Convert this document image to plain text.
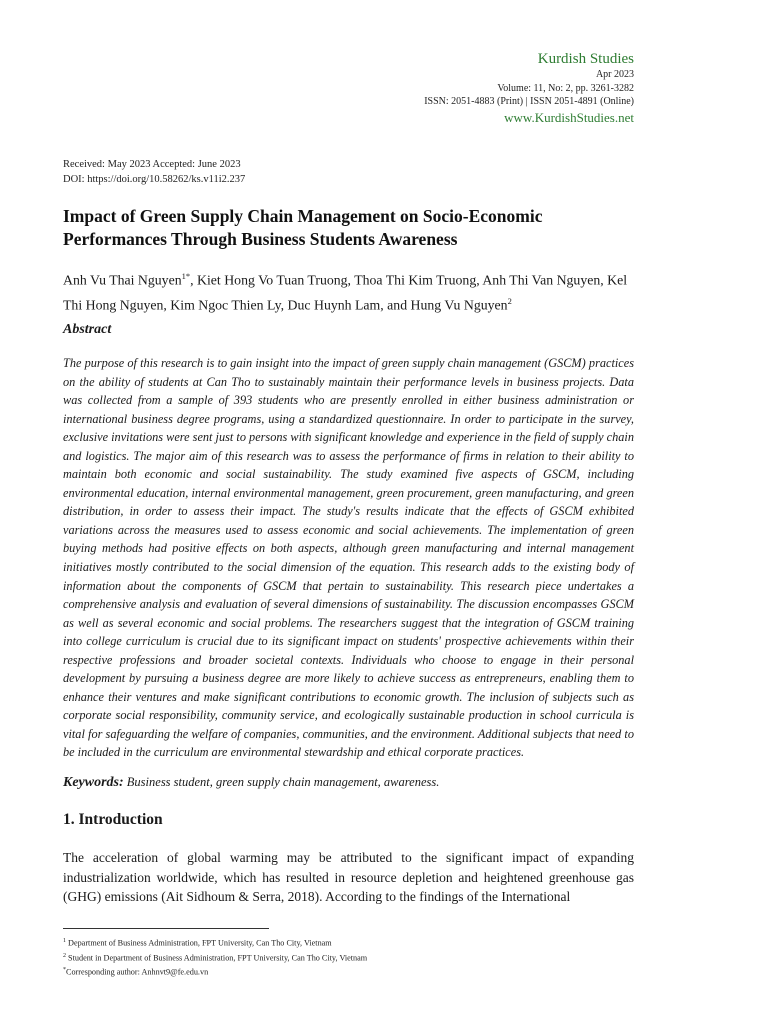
Kurdish Studies
Apr 2023
Volume: 11, No: 2, pp. 3261-3282
ISSN: 2051-4883 (Print) | ISSN 2051-4891 (Online)
www.KurdishStudies.net
Received: May 2023 Accepted: June 2023
DOI: https://doi.org/10.58262/ks.v11i2.237
Impact of Green Supply Chain Management on Socio-Economic Performances Through Business Students Awareness
Anh Vu Thai Nguyen$^{1*}$, Kiet Hong Vo Tuan Truong, Thoa Thi Kim Truong, Anh Thi Van Nguyen, Kel Thi Hong Nguyen, Kim Ngoc Thien Ly, Duc Huynh Lam, and Hung Vu Nguyen$^2$
Abstract
The purpose of this research is to gain insight into the impact of green supply chain management (GSCM) practices on the ability of students at Can Tho to sustainably maintain their performance levels in business projects. Data was collected from a sample of 393 students who are presently enrolled in either business administration or international business degree programs, using a standardized questionnaire. In order to participate in the survey, exclusive invitations were sent just to persons with significant knowledge and experience in the field of supply chain and logistics. The major aim of this research was to assess the performance of firms in relation to their ability to maintain both economic and social sustainability. The study examined five aspects of GSCM, including environmental education, internal environmental management, green procurement, green manufacturing, and green distribution, in order to assess their impact. The study's results indicate that the effects of GSCM exhibited variations across the measures used to assess economic and social achievements. The implementation of green buying methods had positive effects on both aspects, although green manufacturing and internal management initiatives mostly contributed to the social dimension of the equation. This research adds to the existing body of information about the components of GSCM that pertain to sustainability. This research piece undertakes a comprehensive analysis and evaluation of several dimensions of sustainability. The discussion encompasses GSCM as well as several economic and social problems. The researchers suggest that the integration of GSCM training into college curriculum is crucial due to its significant impact on students' prospective achievements within their respective professions and broader societal contexts. Individuals who choose to engage in their personal development by pursuing a business degree are more likely to achieve success as entrepreneurs, enabling them to enhance their ventures and make significant contributions to economic growth. The inclusion of subjects such as corporate social responsibility, community service, and ecologically sustainable production in school curricula is vital for safeguarding the welfare of companies, communities, and the environment. Additional subjects that need to be included in the curriculum are environmental stewardship and ethical corporate practices.
Keywords: Business student, green supply chain management, awareness.
1. Introduction
The acceleration of global warming may be attributed to the significant impact of expanding industrialization worldwide, which has resulted in resource depletion and heightened greenhouse gas (GHG) emissions (Ait Sidhoum & Serra, 2018). According to the findings of the International
$^1$ Department of Business Administration, FPT University, Can Tho City, Vietnam
$^2$ Student in Department of Business Administration, FPT University, Can Tho City, Vietnam
*Corresponding author: Anhnvt9@fe.edu.vn
